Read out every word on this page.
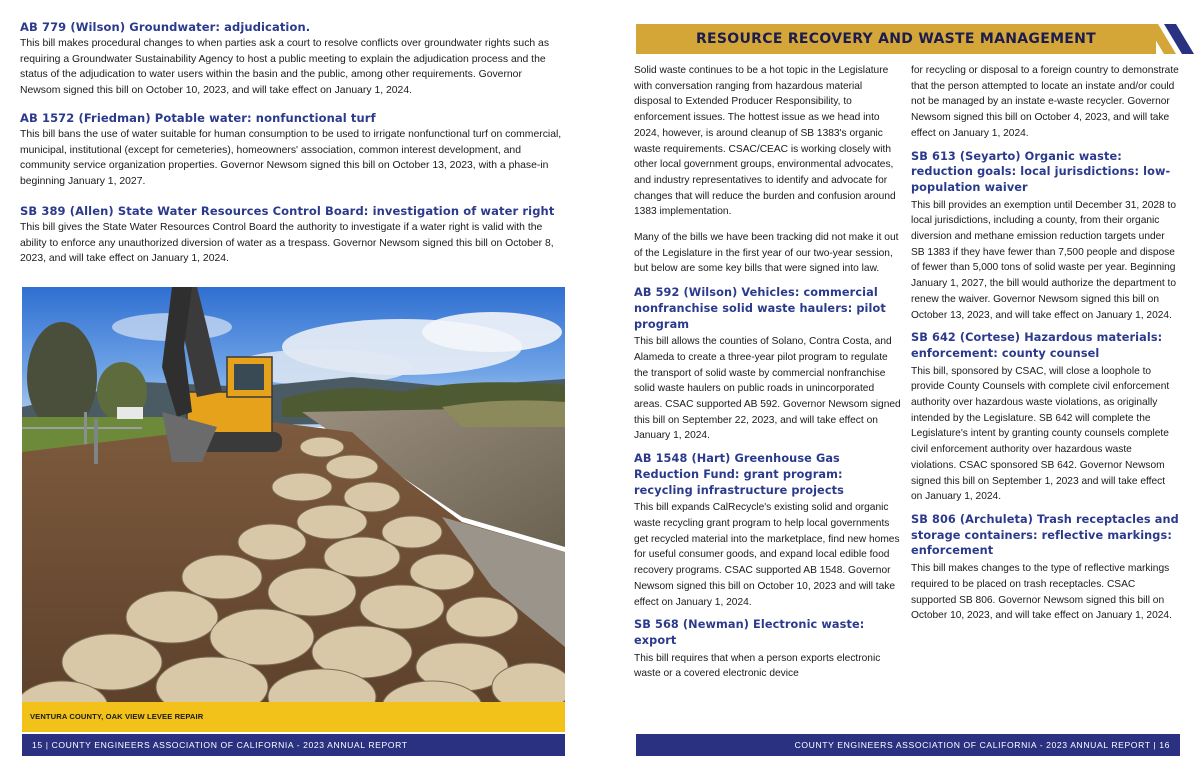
AB 779 (Wilson) Groundwater: adjudication.

This bill makes procedural changes to when parties ask a court to resolve conflicts over groundwater rights such as requiring a Groundwater Sustainability Agency to host a public meeting to explain the adjudication process and the status of the adjudication to water users within the basin and the public, among other requirements. Governor Newsom signed this bill on October 10, 2023, and will take effect on January 1, 2024.

AB 1572 (Friedman) Potable water: nonfunctional turf

This bill bans the use of water suitable for human consumption to be used to irrigate nonfunctional turf on commercial, municipal, institutional (except for cemeteries), homeowners' association, common interest development, and community service organization properties. Governor Newsom signed this bill on October 13, 2023, with a phase-in beginning January 1, 2027.

SB 389 (Allen) State Water Resources Control Board: investigation of water right

This bill gives the State Water Resources Control Board the authority to investigate if a water right is valid with the ability to enforce any unauthorized diversion of water as a trespass. Governor Newsom signed this bill on October 8, 2023, and will take effect on January 1, 2024.

VENTURA COUNTY, OAK VIEW LEVEE REPAIR
15 | COUNTY ENGINEERS ASSOCIATION OF CALIFORNIA - 2023 ANNUAL REPORT
RESOURCE RECOVERY AND WASTE MANAGEMENT

Solid waste continues to be a hot topic in the Legislature with conversation ranging from hazardous material disposal to Extended Producer Responsibility, to enforcement issues. The hottest issue as we head into 2024, however, is around cleanup of SB 1383's organic waste requirements. CSAC/CEAC is working closely with other local government groups, environmental advocates, and industry representatives to identify and advocate for changes that will reduce the burden and confusion around 1383 implementation.

Many of the bills we have been tracking did not make it out of the Legislature in the first year of our two-year session, but below are some key bills that were signed into law.

AB 592 (Wilson) Vehicles: commercial nonfranchise solid waste haulers: pilot program

This bill allows the counties of Solano, Contra Costa, and Alameda to create a three-year pilot program to regulate the transport of solid waste by commercial nonfranchise solid waste haulers on public roads in unincorporated areas. CSAC supported AB 592. Governor Newsom signed this bill on September 22, 2023, and will take effect on January 1, 2024.

AB 1548 (Hart) Greenhouse Gas Reduction Fund: grant program: recycling infrastructure projects

This bill expands CalRecycle's existing solid and organic waste recycling grant program to help local governments get recycled material into the marketplace, find new homes for useful consumer goods, and expand local edible food recovery programs. CSAC supported AB 1548. Governor Newsom signed this bill on October 10, 2023 and will take effect on January 1, 2024.

SB 568 (Newman) Electronic waste: export

This bill requires that when a person exports electronic waste or a covered electronic device

for recycling or disposal to a foreign country to demonstrate that the person attempted to locate an instate and/or could not be managed by an instate e-waste recycler. Governor Newsom signed this bill on October 4, 2023, and will take effect on January 1, 2024.

SB 613 (Seyarto) Organic waste: reduction goals: local jurisdictions: low-population waiver

This bill provides an exemption until December 31, 2028 to local jurisdictions, including a county, from their organic diversion and methane emission reduction targets under SB 1383 if they have fewer than 7,500 people and dispose of fewer than 5,000 tons of solid waste per year. Beginning January 1, 2027, the bill would authorize the department to renew the waiver. Governor Newsom signed this bill on October 13, 2023, and will take effect on January 1, 2024.

SB 642 (Cortese) Hazardous materials: enforcement: county counsel

This bill, sponsored by CSAC, will close a loophole to provide County Counsels with complete civil enforcement authority over hazardous waste violations, as originally intended by the Legislature. SB 642 will complete the Legislature's intent by granting county counsels complete civil enforcement authority over hazardous waste violations. CSAC sponsored SB 642. Governor Newsom signed this bill on September 1, 2023 and will take effect on January 1, 2024.

SB 806 (Archuleta) Trash receptacles and storage containers: reflective markings: enforcement

This bill makes changes to the type of reflective markings required to be placed on trash receptacles. CSAC supported SB 806. Governor Newsom signed this bill on October 10, 2023, and will take effect on January 1, 2024.

COUNTY ENGINEERS ASSOCIATION OF CALIFORNIA - 2023 ANNUAL REPORT | 16
